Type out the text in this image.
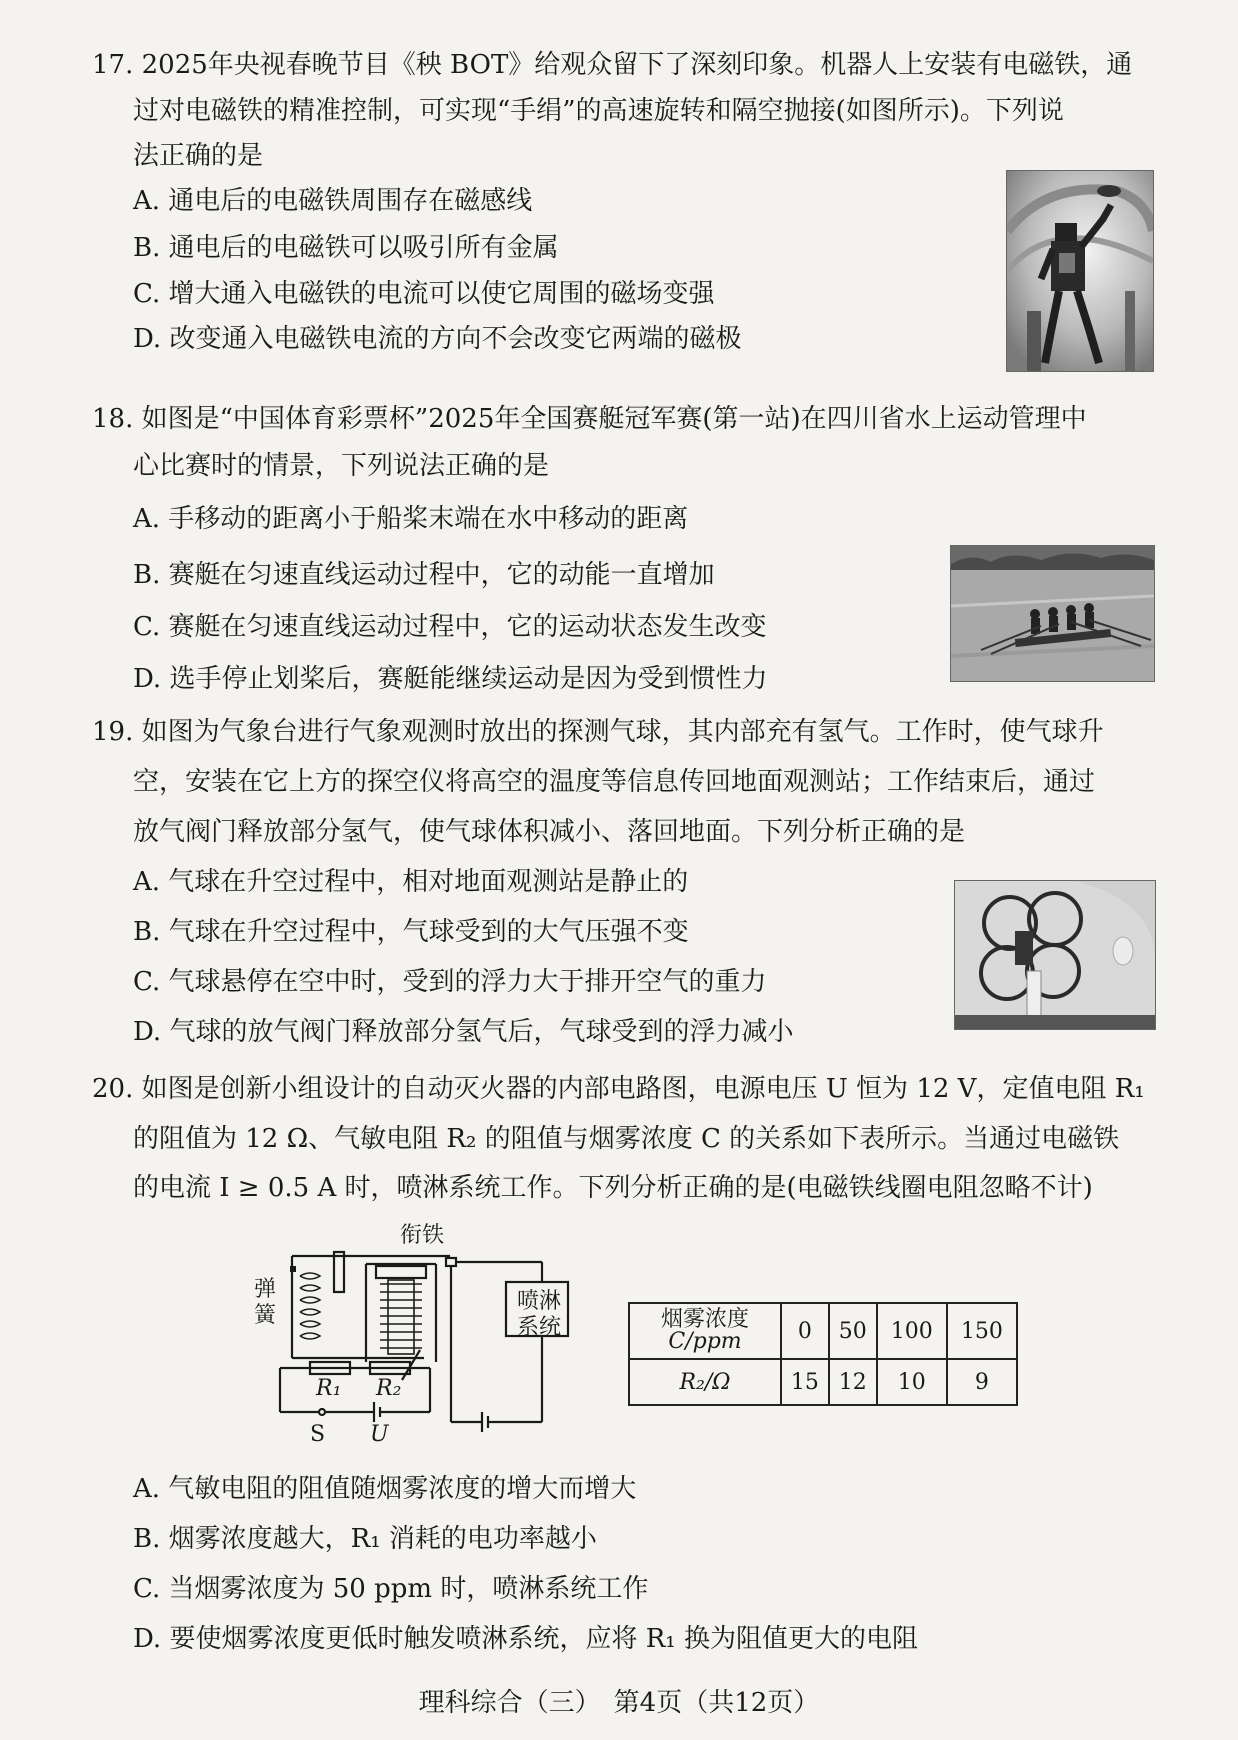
17. 2025年央视春晚节目《秧 BOT》给观众留下了深刻印象。机器人上安装有电磁铁，通
过对电磁铁的精准控制，可实现“手绢”的高速旋转和隔空抛接(如图所示)。下列说
法正确的是
A. 通电后的电磁铁周围存在磁感线
B. 通电后的电磁铁可以吸引所有金属
C. 增大通入电磁铁的电流可以使它周围的磁场变强
D. 改变通入电磁铁电流的方向不会改变它两端的磁极
18. 如图是“中国体育彩票杯”2025年全国赛艇冠军赛(第一站)在四川省水上运动管理中
心比赛时的情景，下列说法正确的是
A. 手移动的距离小于船桨末端在水中移动的距离
B. 赛艇在匀速直线运动过程中，它的动能一直增加
C. 赛艇在匀速直线运动过程中，它的运动状态发生改变
D. 选手停止划桨后，赛艇能继续运动是因为受到惯性力
19. 如图为气象台进行气象观测时放出的探测气球，其内部充有氢气。工作时，使气球升
空，安装在它上方的探空仪将高空的温度等信息传回地面观测站；工作结束后，通过
放气阀门释放部分氢气，使气球体积减小、落回地面。下列分析正确的是
A. 气球在升空过程中，相对地面观测站是静止的
B. 气球在升空过程中，气球受到的大气压强不变
C. 气球悬停在空中时，受到的浮力大于排开空气的重力
D. 气球的放气阀门释放部分氢气后，气球受到的浮力减小
20. 如图是创新小组设计的自动灭火器的内部电路图，电源电压 U 恒为 12 V，定值电阻 R₁
的阻值为 12 Ω、气敏电阻 R₂ 的阻值与烟雾浓度 C 的关系如下表所示。当通过电磁铁
的电流 I ≥ 0.5 A 时，喷淋系统工作。下列分析正确的是(电磁铁线圈电阻忽略不计)
衔铁
弹
簧
喷淋
系统
R₁ R₂
S U
烟雾浓度
C/ppm	0	50	100	150
R₂/Ω	15	12	10	9
A. 气敏电阻的阻值随烟雾浓度的增大而增大
B. 烟雾浓度越大，R₁ 消耗的电功率越小
C. 当烟雾浓度为 50 ppm 时，喷淋系统工作
D. 要使烟雾浓度更低时触发喷淋系统，应将 R₁ 换为阻值更大的电阻
理科综合（三）　第4页（共12页）
